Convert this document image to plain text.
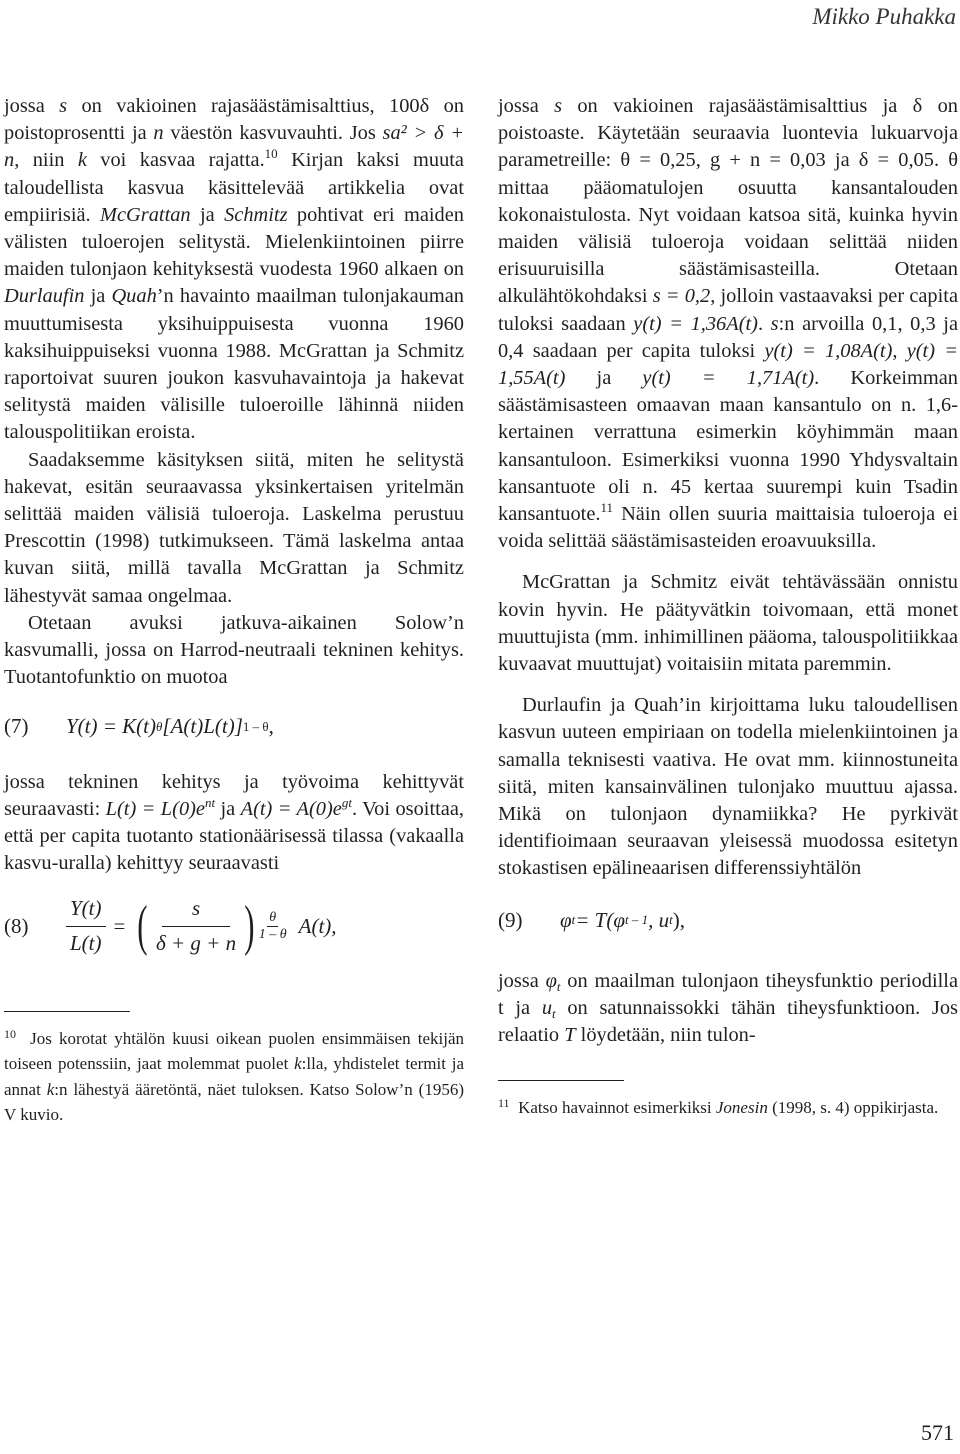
Mikko Puhakka

jossa s on vakioinen rajasäästämisalttius, 100δ on poistoprosentti ja n väestön kasvuvauhti. Jos sa² > δ + n, niin k voi kasvaa rajatta.$^{10}$ Kirjan kaksi muuta taloudellista kasvua käsittelevää artikkelia ovat empiirisiä. McGrattan ja Schmitz pohtivat eri maiden välisten tuloerojen selitystä. Mielenkiintoinen piirre maiden tulonjaon kehityksestä vuodesta 1960 alkaen on Durlaufin ja Quah’n havainto maailman tulonjakauman muuttumisesta yksihuippuisesta vuonna 1960 kaksihuippuiseksi vuonna 1988. McGrattan ja Schmitz raportoivat suuren joukon kasvuhavaintoja ja hakevat selitystä maiden välisille tuloeroille lähinnä niiden talouspolitiikan eroista.

Saadaksemme käsityksen siitä, miten he selitystä hakevat, esitän seuraavassa yksinkertaisen yritelmän selittää maiden välisiä tuloeroja. Laskelma perustuu Prescottin (1998) tutkimukseen. Tämä laskelma antaa kuvan siitä, millä tavalla McGrattan ja Schmitz lähestyvät samaa ongelmaa.

Otetaan avuksi jatkuva-aikainen Solow’n kasvumalli, jossa on Harrod-neutraali tekninen kehitys. Tuotantofunktio on muotoa

(7)	Y(t) = K(t) θ [A(t)L(t)] 1 – θ ,

jossa tekninen kehitys ja työvoima kehittyvät seuraavasti: $L(t) = L(0)e^{nt}$ ja $A(t) = A(0)e^{gt}$. Voi osoittaa, että per capita tuotanto stationäärisessä tilassa (vakaalla kasvu-uralla) kehittyy seuraavasti

(8)	$\frac{Y(t)}{L(t)}$ = ( $\frac{s}{\delta + g + n}$ ) θ
1 – θ A(t),
$^{10}$ Jos korotat yhtälön kuusi oikean puolen ensimmäisen tekijän toiseen potenssiin, jaat molemmat puolet k:lla, yhdistelet termit ja annat k:n lähestyä ääretöntä, näet tuloksen. Katso Solow’n (1956) V kuvio.

jossa s on vakioinen rajasäästämisalttius ja δ on poistoaste. Käytetään seuraavia luontevia lukuarvoja parametreille: θ = 0,25, g + n = 0,03 ja δ = 0,05. θ mittaa pääomatulojen osuutta kansantalouden kokonaistulosta. Nyt voidaan katsoa sitä, kuinka hyvin maiden välisiä tuloeroja voidaan selittää niiden erisuuruisilla säästämisasteilla. Otetaan alkulähtökohdaksi s = 0,2, jolloin vastaavaksi per capita tuloksi saadaan y(t) = 1,36A(t). s:n arvoilla 0,1, 0,3 ja 0,4 saadaan per capita tuloksi y(t) = 1,08A(t), y(t) = 1,55A(t) ja y(t) = 1,71A(t). Korkeimman säästämisasteen omaavan maan kansantulo on n. 1,6-kertainen verrattuna esimerkin köyhimmän maan kansantuloon. Esimerkiksi vuonna 1990 Yhdysvaltain kansantuote oli n. 45 kertaa suurempi kuin Tsadin kansantuote.$^{11}$ Näin ollen suuria maittaisia tuloeroja ei voida selittää säästämisasteiden eroavuuksilla.

McGrattan ja Schmitz eivät tehtävässään onnistu kovin hyvin. He päätyvätkin toivomaan, että monet muuttujista (mm. inhimillinen pääoma, talouspolitiikkaa kuvaavat muuttujat) voitaisiin mitata paremmin.

Durlaufin ja Quah’in kirjoittama luku taloudellisen kasvun uuteen empiriaan on todella mielenkiintoinen ja samalla teknisesti vaativa. He ovat mm. kiinnostuneita siitä, miten kansainvälinen tulonjako muuttuu ajassa. Mikä on tulonjaon dynamiikka? He pyrkivät identifioimaan seuraavan yleisessä muodossa esitetyn stokastisen epälineaarisen differenssiyhtälön

(9)	φ t = T(φ t – 1 , u t ),

jossa $\varphi_t$ on maailman tulonjaon tiheysfunktio periodilla t ja $u_t$ on satunnaissokki tähän tiheysfunktioon. Jos relaatio T löydetään, niin tulon-

$^{11}$ Katso havainnot esimerkiksi Jonesin (1998, s. 4) oppikirjasta.
571
